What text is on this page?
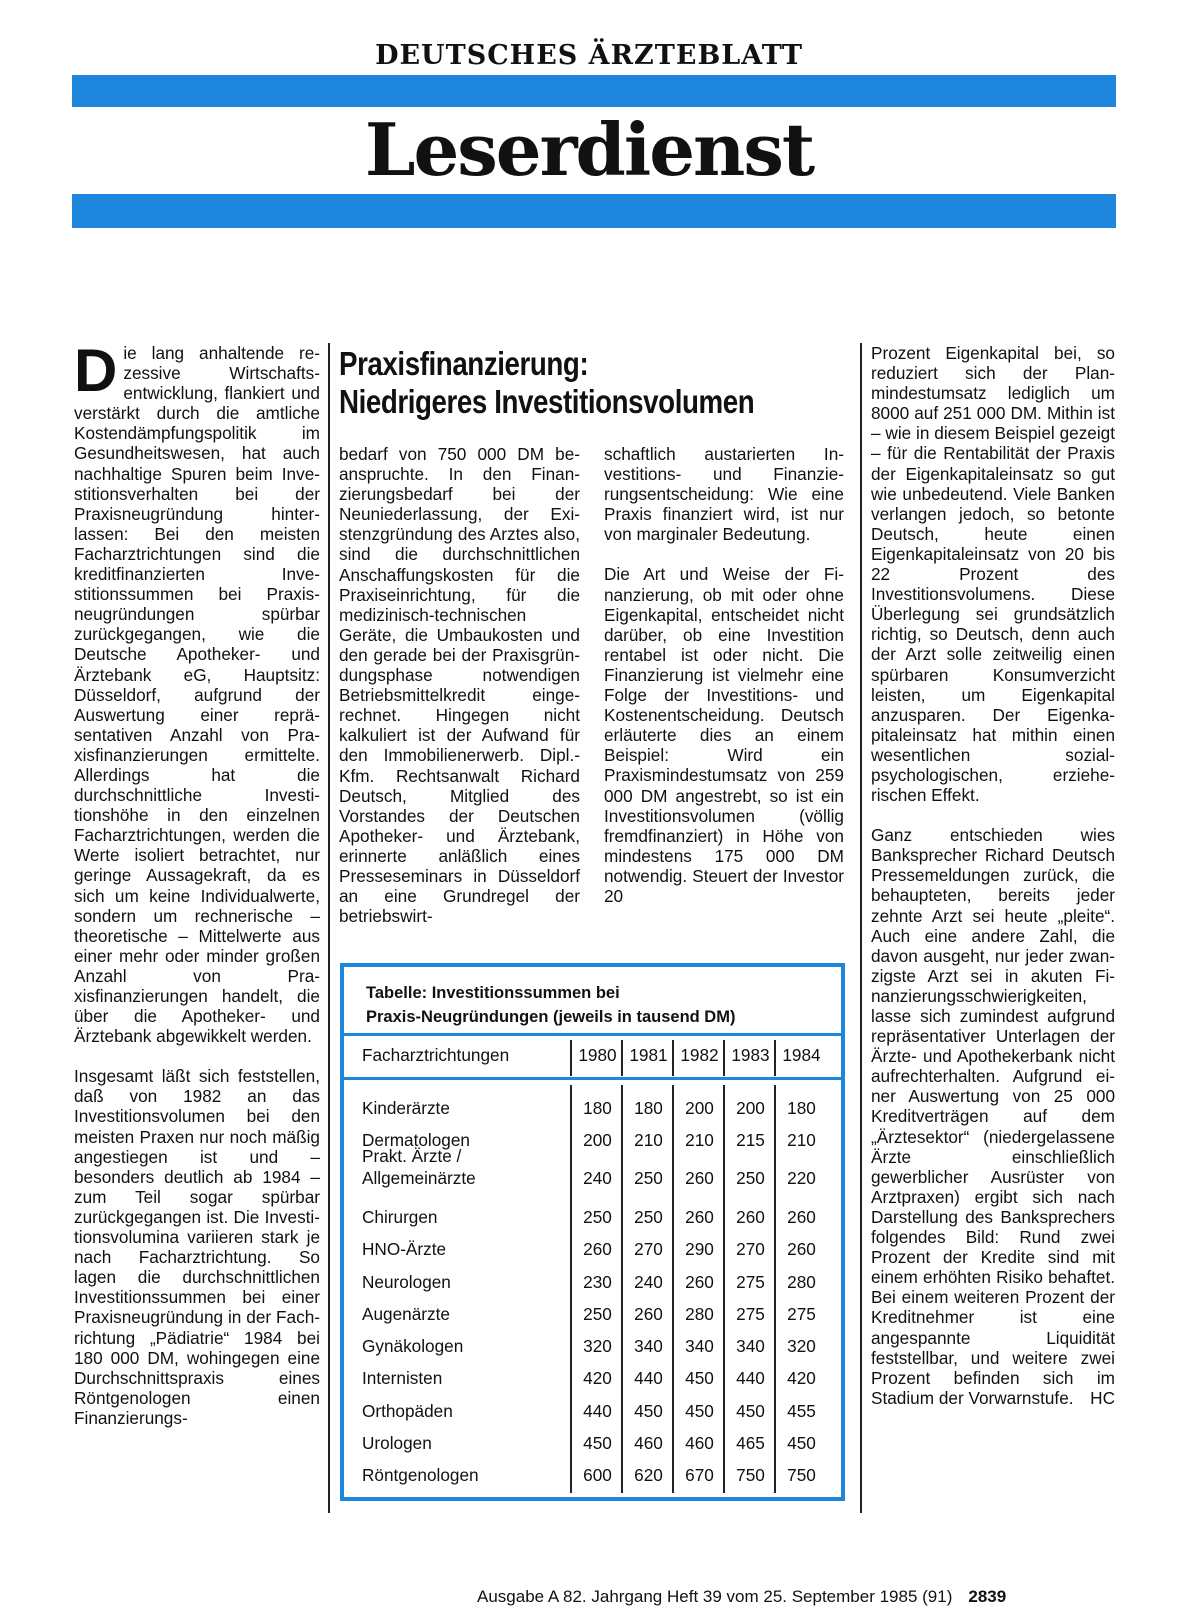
DEUTSCHES ÄRZTEBLATT
Leserdienst

Die lang anhaltende rezessive Wirtschaftsentwicklung, flankiert und verstärkt durch die amtliche Kostendämpfungspolitik im Gesundheitswesen, hat auch nachhaltige Spuren beim Investitionsverhalten bei der Praxisneugründung hinterlassen: Bei den meisten Facharztrichtungen sind die kreditfinanzierten Investitionssummen bei Praxisneugründungen spürbar zurückgegangen, wie die Deutsche Apotheker- und Ärztebank eG, Hauptsitz: Düsseldorf, aufgrund der Auswertung einer repräsentativen Anzahl von Praxisfinanzierungen ermittelte. Allerdings hat die durchschnittliche Investitionshöhe in den einzelnen Facharztrichtungen, werden die Werte isoliert betrachtet, nur geringe Aussagekraft, da es sich um keine Individualwerte, sondern um rechnerische – theoretische – Mittelwerte aus einer mehr oder minder großen Anzahl von Praxisfinanzierungen handelt, die über die Apotheker- und Ärztebank abgewikkelt werden.

Insgesamt läßt sich feststellen, daß von 1982 an das Investitionsvolumen bei den meisten Praxen nur noch mäßig angestiegen ist und – besonders deutlich ab 1984 – zum Teil sogar spürbar zurückgegangen ist. Die Investitionsvolumina variieren stark je nach Facharztrichtung. So lagen die durchschnittlichen Investitionssummen bei einer Praxisneugründung in der Fachrichtung „Pädiatrie“ 1984 bei 180 000 DM, wohingegen eine Durchschnittspraxis eines Röntgenologen einen Finanzierungs-

Praxisfinanzierung:
Niedrigeres Investitionsvolumen

bedarf von 750 000 DM beanspruchte. In den Finanzierungsbedarf bei der Neuniederlassung, der Existenzgründung des Arztes also, sind die durchschnittlichen Anschaffungskosten für die Praxiseinrichtung, für die medizinisch-technischen Geräte, die Umbaukosten und den gerade bei der Praxisgründungsphase notwendigen Betriebsmittelkredit eingerechnet. Hingegen nicht kalkuliert ist der Aufwand für den Immobilienerwerb. Dipl.-Kfm. Rechtsanwalt Richard Deutsch, Mitglied des Vorstandes der Deutschen Apotheker- und Ärztebank, erinnerte anläßlich eines Presseseminars in Düsseldorf an eine Grundregel der betriebswirt-

schaftlich austarierten Investitions- und Finanzierungsentscheidung: Wie eine Praxis finanziert wird, ist nur von marginaler Bedeutung.

Die Art und Weise der Finanzierung, ob mit oder ohne Eigenkapital, entscheidet nicht darüber, ob eine Investition rentabel ist oder nicht. Die Finanzierung ist vielmehr eine Folge der Investitions- und Kostenentscheidung. Deutsch erläuterte dies an einem Beispiel: Wird ein Praxismindestumsatz von 259 000 DM angestrebt, so ist ein Investitionsvolumen (völlig fremdfinanziert) in Höhe von mindestens 175 000 DM notwendig. Steuert der Investor 20

Prozent Eigenkapital bei, so reduziert sich der Planmindestumsatz lediglich um 8000 auf 251 000 DM. Mithin ist – wie in diesem Beispiel gezeigt – für die Rentabilität der Praxis der Eigenkapitaleinsatz so gut wie unbedeutend. Viele Banken verlangen jedoch, so betonte Deutsch, heute einen Eigenkapitaleinsatz von 20 bis 22 Prozent des Investitionsvolumens. Diese Überlegung sei grundsätzlich richtig, so Deutsch, denn auch der Arzt solle zeitweilig einen spürbaren Konsumverzicht leisten, um Eigenkapital anzusparen. Der Eigenkapitaleinsatz hat mithin einen wesentlichen sozialpsychologischen, erzieherischen Effekt.

Ganz entschieden wies Banksprecher Richard Deutsch Pressemeldungen zurück, die behaupteten, bereits jeder zehnte Arzt sei heute „pleite“. Auch eine andere Zahl, die davon ausgeht, nur jeder zwanzigste Arzt sei in akuten Finanzierungsschwierigkeiten, lasse sich zumindest aufgrund repräsentativer Unterlagen der Ärzte- und Apothekerbank nicht aufrechterhalten. Aufgrund einer Auswertung von 25 000 Kreditverträgen auf dem „Ärztesektor“ (niedergelassene Ärzte einschließlich gewerblicher Ausrüster von Arztpraxen) ergibt sich nach Darstellung des Banksprechers folgendes Bild: Rund zwei Prozent der Kredite sind mit einem erhöhten Risiko behaftet. Bei einem weiteren Prozent der Kreditnehmer ist eine angespannte Liquidität feststellbar, und weitere zwei Prozent befinden sich im Stadium der Vorwarnstufe. HC

Tabelle: Investitionssummen bei
Praxis-Neugründungen (jeweils in tausend DM)
Facharztrichtungen	1980 1981 1982 1983 1984
Kinderärzte	180	180	200	200	180
Dermatologen	200	210	210	215	210
Prakt. Ärzte /
Allgemeinärzte	240	250	260	250	220
Chirurgen	250	250	260	260	260
HNO-Ärzte	260	270	290	270	260
Neurologen	230	240	260	275	280
Augenärzte	250	260	280	275	275
Gynäkologen	320	340	340	340	320
Internisten	420	440	450	440	420
Orthopäden	440	450	450	450	455
Urologen	450	460	460	465	450
Röntgenologen	600	620	670	750	750
Ausgabe A 82. Jahrgang Heft 39 vom 25. September 1985 (91) 2839
